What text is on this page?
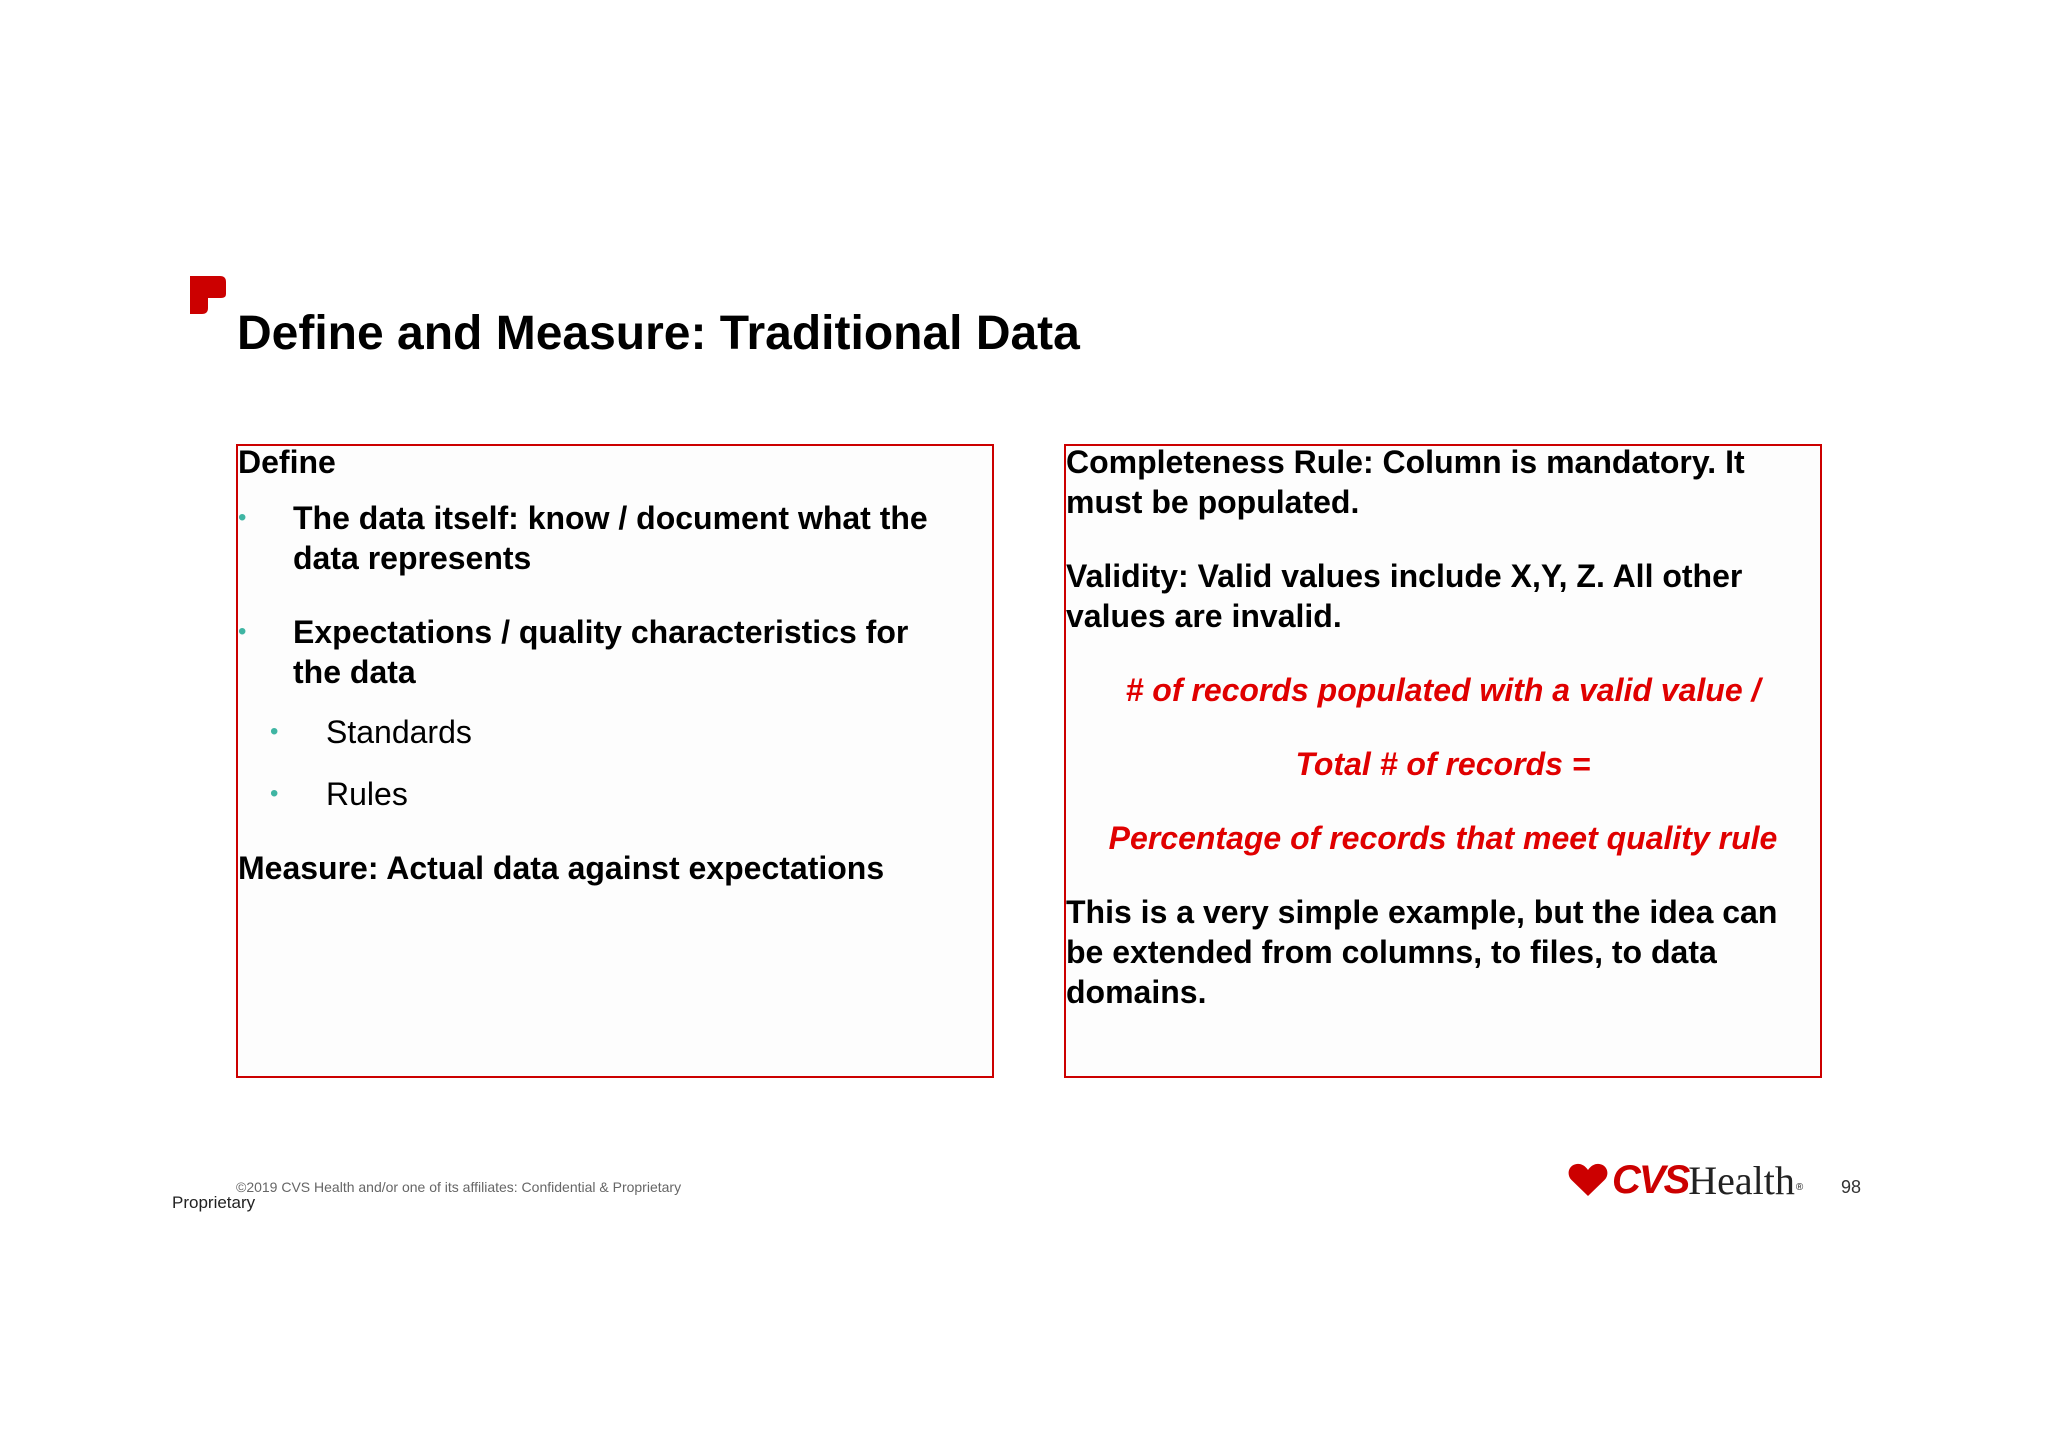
Define and Measure: Traditional Data

Define

• The data itself: know / document what the

data represents

• Expectations / quality characteristics for

the data

• Standards

• Rules

Measure: Actual data against expectations

Completeness Rule: Column is mandatory. It

must be populated.

Validity: Valid values include X,Y, Z. All other

values are invalid.

# of records populated with a valid value /

Total # of records =

Percentage of records that meet quality rule

This is a very simple example, but the idea can

be extended from columns, to files, to data

domains.

©2019 CVS Health and/or one of its affiliates: Confidential & Proprietary
Proprietary
CVS Health ® 98
